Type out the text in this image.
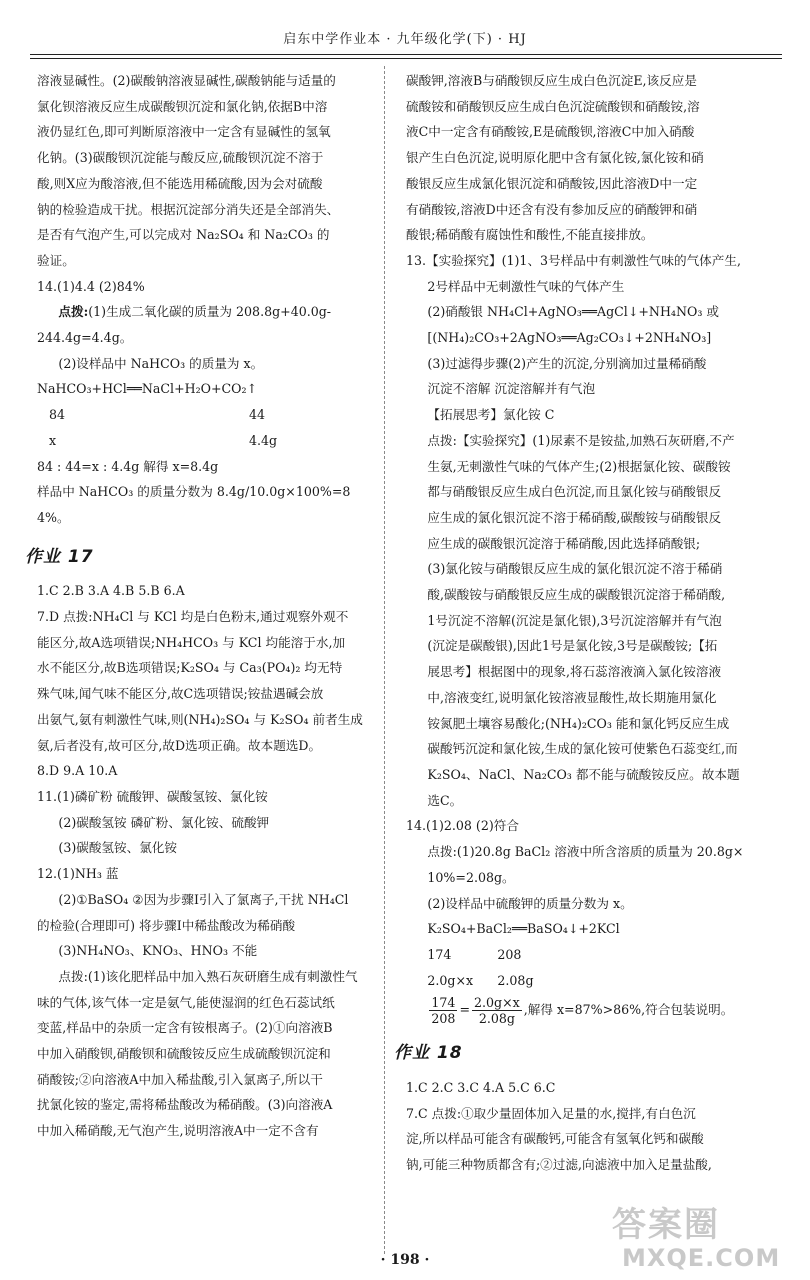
启东中学作业本 · 九年级化学(下) · HJ

溶液显碱性。(2)碳酸钠溶液显碱性,碳酸钠能与适量的

氯化钡溶液反应生成碳酸钡沉淀和氯化钠,依据B中溶

液仍显红色,即可判断原溶液中一定含有显碱性的氢氧

化钠。(3)碳酸钡沉淀能与酸反应,硫酸钡沉淀不溶于

酸,则X应为酸溶液,但不能选用稀硫酸,因为会对硫酸

钠的检验造成干扰。根据沉淀部分消失还是全部消失、

是否有气泡产生,可以完成对 Na₂SO₄ 和 Na₂CO₃ 的

验证。

14.(1)4.4 (2)84%

点拨:(1)生成二氧化碳的质量为 208.8g+40.0g-

244.4g=4.4g。

(2)设样品中 NaHCO₃ 的质量为 x。

NaHCO₃+HCl══NaCl+H₂O+CO₂↑

84	44

x	4.4g

84 : 44=x : 4.4g 解得 x=8.4g

样品中 NaHCO₃ 的质量分数为 8.4g/10.0g×100%=84%。

作业 17

1.C 2.B 3.A 4.B 5.B 6.A

7.D 点拨:NH₄Cl 与 KCl 均是白色粉末,通过观察外观不

能区分,故A选项错误;NH₄HCO₃ 与 KCl 均能溶于水,加

水不能区分,故B选项错误;K₂SO₄ 与 Ca₃(PO₄)₂ 均无特

殊气味,闻气味不能区分,故C选项错误;铵盐遇碱会放

出氨气,氨有刺激性气味,则(NH₄)₂SO₄ 与 K₂SO₄ 前者生成

氨,后者没有,故可区分,故D选项正确。故本题选D。

8.D 9.A 10.A

11.(1)磷矿粉 硫酸钾、碳酸氢铵、氯化铵

(2)碳酸氢铵 磷矿粉、氯化铵、硫酸钾

(3)碳酸氢铵、氯化铵

12.(1)NH₃ 蓝

(2)①BaSO₄ ②因为步骤Ⅰ引入了氯离子,干扰 NH₄Cl

的检验(合理即可) 将步骤Ⅰ中稀盐酸改为稀硝酸

(3)NH₄NO₃、KNO₃、HNO₃ 不能

点拨:(1)该化肥样品中加入熟石灰研磨生成有刺激性气

味的气体,该气体一定是氨气,能使湿润的红色石蕊试纸

变蓝,样品中的杂质一定含有铵根离子。(2)①向溶液B

中加入硝酸钡,硝酸钡和硫酸铵反应生成硫酸钡沉淀和

硝酸铵;②向溶液A中加入稀盐酸,引入氯离子,所以干

扰氯化铵的鉴定,需将稀盐酸改为稀硝酸。(3)向溶液A

中加入稀硝酸,无气泡产生,说明溶液A中一定不含有

碳酸钾,溶液B与硝酸钡反应生成白色沉淀E,该反应是

硫酸铵和硝酸钡反应生成白色沉淀硫酸钡和硝酸铵,溶

液C中一定含有硝酸铵,E是硫酸钡,溶液C中加入硝酸

银产生白色沉淀,说明原化肥中含有氯化铵,氯化铵和硝

酸银反应生成氯化银沉淀和硝酸铵,因此溶液D中一定

有硝酸铵,溶液D中还含有没有参加反应的硝酸钾和硝

酸银;稀硝酸有腐蚀性和酸性,不能直接排放。

13.【实验探究】(1)1、3号样品中有刺激性气味的气体产生,

2号样品中无刺激性气味的气体产生

(2)硝酸银 NH₄Cl+AgNO₃══AgCl↓+NH₄NO₃ 或

[(NH₄)₂CO₃+2AgNO₃══Ag₂CO₃↓+2NH₄NO₃]

(3)过滤得步骤(2)产生的沉淀,分别滴加过量稀硝酸

沉淀不溶解 沉淀溶解并有气泡

【拓展思考】氯化铵 C

点拨:【实验探究】(1)尿素不是铵盐,加熟石灰研磨,不产

生氨,无刺激性气味的气体产生;(2)根据氯化铵、碳酸铵

都与硝酸银反应生成白色沉淀,而且氯化铵与硝酸银反

应生成的氯化银沉淀不溶于稀硝酸,碳酸铵与硝酸银反

应生成的碳酸银沉淀溶于稀硝酸,因此选择硝酸银;

(3)氯化铵与硝酸银反应生成的氯化银沉淀不溶于稀硝

酸,碳酸铵与硝酸银反应生成的碳酸银沉淀溶于稀硝酸,

1号沉淀不溶解(沉淀是氯化银),3号沉淀溶解并有气泡

(沉淀是碳酸银),因此1号是氯化铵,3号是碳酸铵;【拓

展思考】根据图中的现象,将石蕊溶液滴入氯化铵溶液

中,溶液变红,说明氯化铵溶液显酸性,故长期施用氯化

铵氮肥土壤容易酸化;(NH₄)₂CO₃ 能和氯化钙反应生成

碳酸钙沉淀和氯化铵,生成的氯化铵可使紫色石蕊变红,而

K₂SO₄、NaCl、Na₂CO₃ 都不能与硫酸铵反应。故本题选C。

14.(1)2.08 (2)符合

点拨:(1)20.8g BaCl₂ 溶液中所含溶质的质量为 20.8g×

10%=2.08g。

(2)设样品中硫酸钾的质量分数为 x。

K₂SO₄+BaCl₂══BaSO₄↓+2KCl

174	208

2.0g×x 2.08g

$\frac{174}{208} = \frac{2.0g\times x}{2.08g}$ ,解得 x=87%>86%,符合包装说明。

作业 18

1.C 2.C 3.C 4.A 5.C 6.C

7.C 点拨:①取少量固体加入足量的水,搅拌,有白色沉

淀,所以样品可能含有碳酸钙,可能含有氢氧化钙和碳酸

钠,可能三种物质都含有;②过滤,向滤液中加入足量盐酸,

· 198 ·
答案圈
MXQE.COM
